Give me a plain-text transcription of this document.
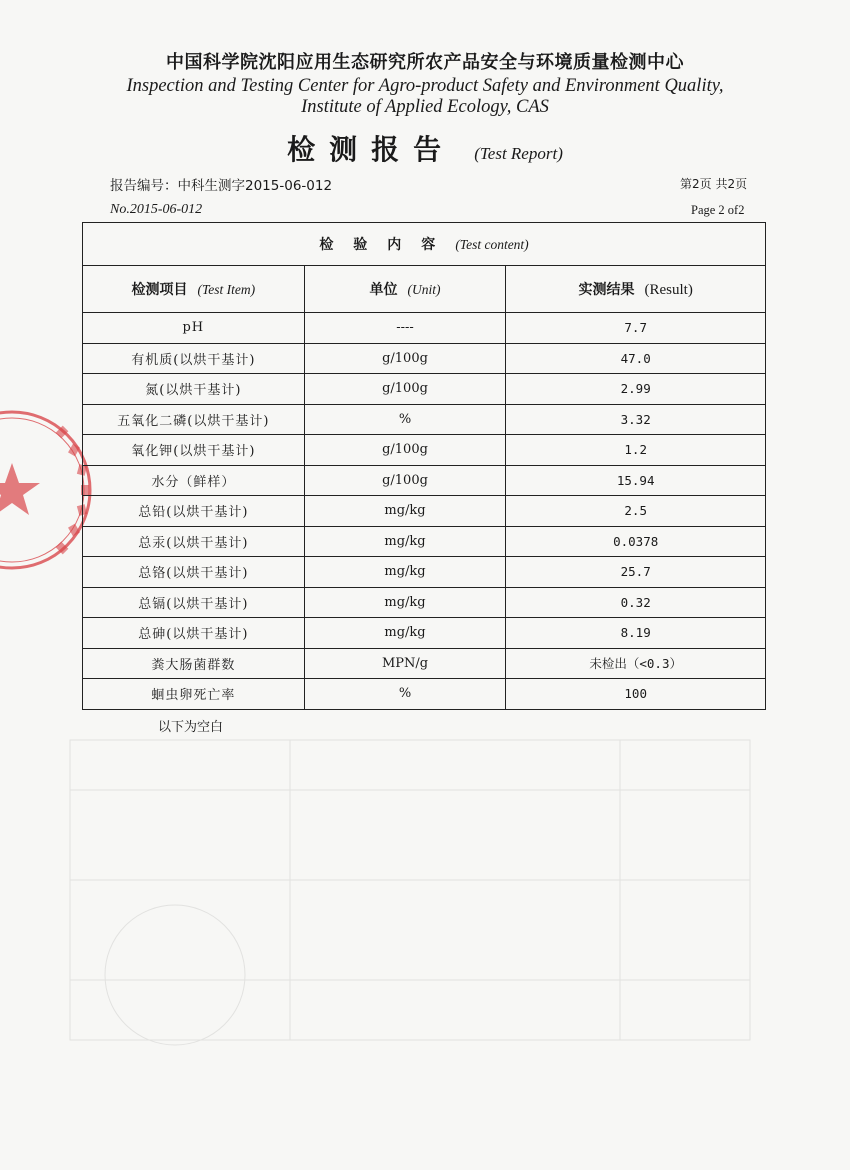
中国科学院沈阳应用生态研究所农产品安全与环境质量检测中心
Inspection and Testing Center for Agro-product Safety and Environment Quality,
Institute of Applied Ecology, CAS
检测报告 (Test Report)
报告编号：中科生测字2015-06-012
No.2015-06-012
第2页 共2页
Page 2 of2
检验内容(Test content)		
检测项目 (Test Item)	单位 (Unit)	实测结果 (Result)
pH	----	7.7
有机质(以烘干基计)	g/100g	47.0
氮(以烘干基计)	g/100g	2.99
五氧化二磷(以烘干基计)	%	3.32
氧化钾(以烘干基计)	g/100g	1.2
水分（鲜样）	g/100g	15.94
总铅(以烘干基计)	mg/kg	2.5
总汞(以烘干基计)	mg/kg	0.0378
总铬(以烘干基计)	mg/kg	25.7
总镉(以烘干基计)	mg/kg	0.32
总砷(以烘干基计)	mg/kg	8.19
粪大肠菌群数	MPN/g	未检出（<0.3）
蛔虫卵死亡率	%	100
以下为空白
